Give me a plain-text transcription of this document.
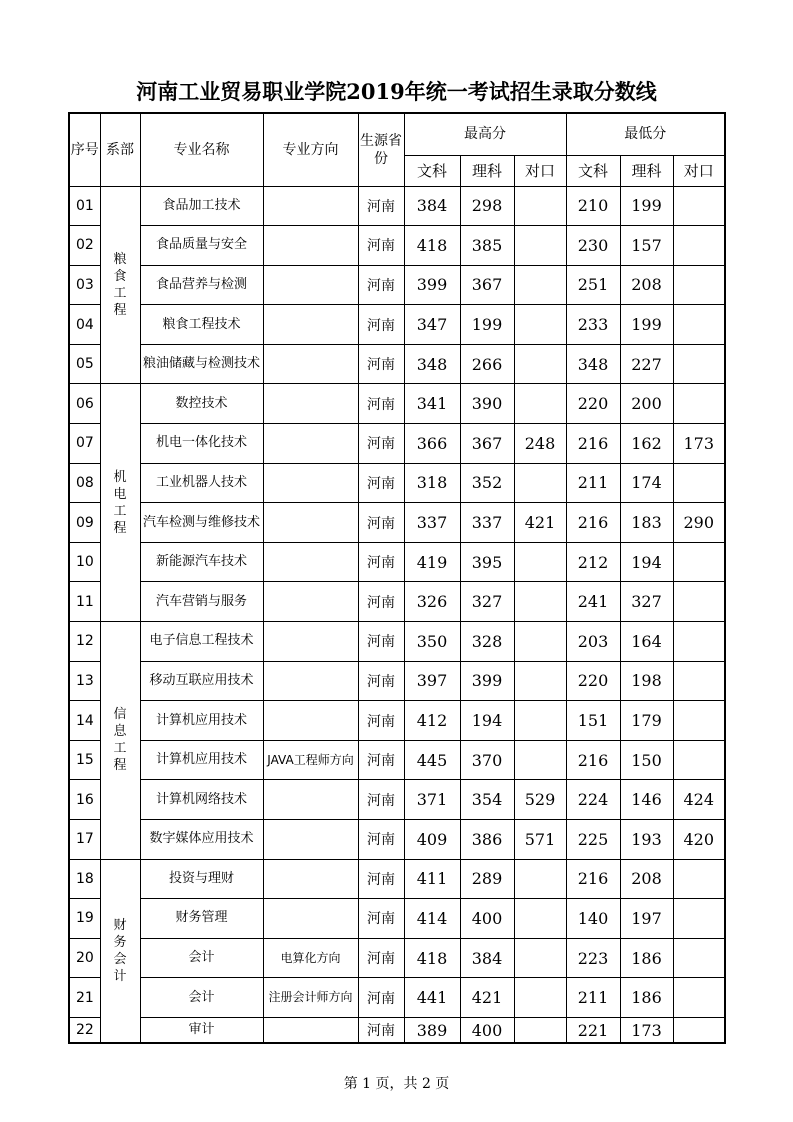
河南工业贸易职业学院2019年统一考试招生录取分数线
序号	系部	专业名称	专业方向	生源省份	最高分			最低分		
					文科	理科	对口	文科	理科	对口
01	粮食工程	食品加工技术		河南	384	298		210	199	
02		食品质量与安全		河南	418	385		230	157	
03		食品营养与检测		河南	399	367		251	208	
04		粮食工程技术		河南	347	199		233	199	
05		粮油储藏与检测技术		河南	348	266		348	227	
06	机电工程	数控技术		河南	341	390		220	200	
07		机电一体化技术		河南	366	367	248	216	162	173
08		工业机器人技术		河南	318	352		211	174	
09		汽车检测与维修技术		河南	337	337	421	216	183	290
10		新能源汽车技术		河南	419	395		212	194	
11		汽车营销与服务		河南	326	327		241	327	
12	信息工程	电子信息工程技术		河南	350	328		203	164	
13		移动互联应用技术		河南	397	399		220	198	
14		计算机应用技术		河南	412	194		151	179	
15		计算机应用技术	JAVA工程师方向	河南	445	370		216	150	
16		计算机网络技术		河南	371	354	529	224	146	424
17		数字媒体应用技术		河南	409	386	571	225	193	420
18	财务会计	投资与理财		河南	411	289		216	208	
19		财务管理		河南	414	400		140	197	
20		会计	电算化方向	河南	418	384		223	186	
21		会计	注册会计师方向	河南	441	421		211	186	
22		审计		河南	389	400		221	173	
第 1 页，共 2 页
